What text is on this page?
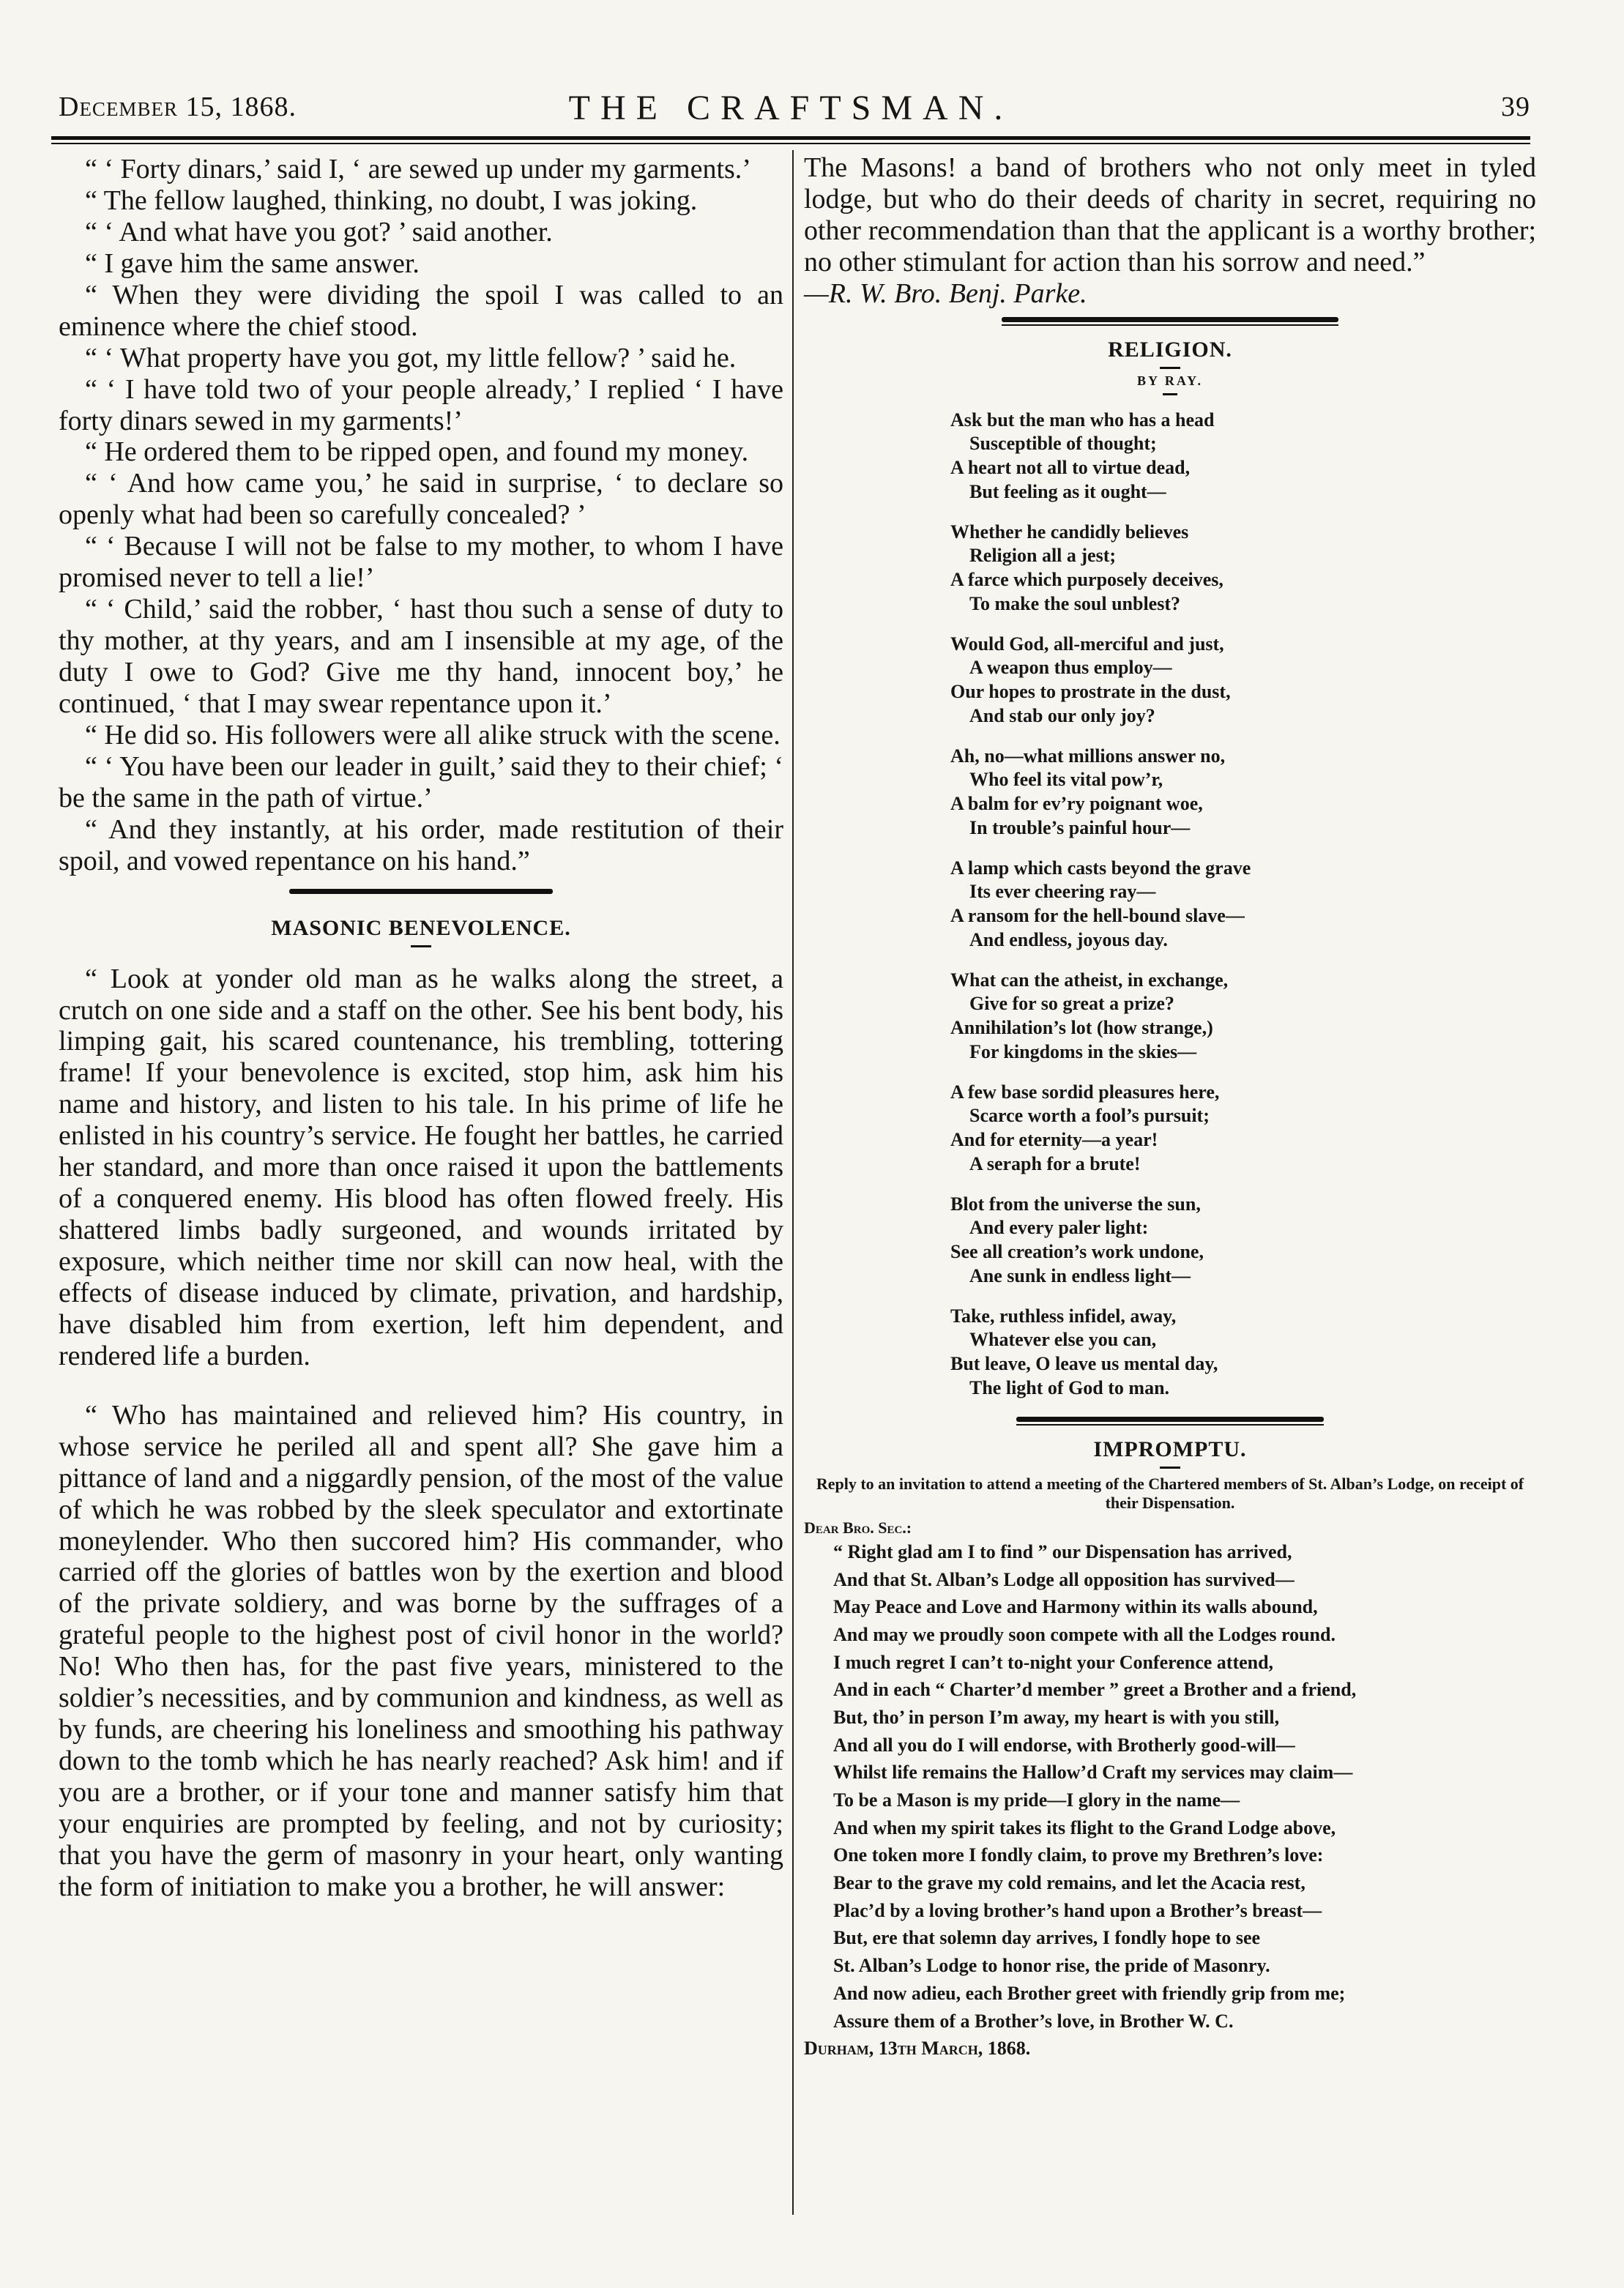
December 15, 1868.	THE CRAFTSMAN.	39

“ ‘ Forty dinars,’ said I, ‘ are sewed up under my garments.’

“ The fellow laughed, thinking, no doubt, I was joking.

“ ‘ And what have you got? ’ said another.

“ I gave him the same answer.

“ When they were dividing the spoil I was called to an eminence where the chief stood.

“ ‘ What property have you got, my little fellow? ’ said he.

“ ‘ I have told two of your people already,’ I replied ‘ I have forty dinars sewed in my garments!’

“ He ordered them to be ripped open, and found my money.

“ ‘ And how came you,’ he said in surprise, ‘ to declare so openly what had been so carefully concealed? ’

“ ‘ Because I will not be false to my mother, to whom I have promised never to tell a lie!’

“ ‘ Child,’ said the robber, ‘ hast thou such a sense of duty to thy mother, at thy years, and am I insensible at my age, of the duty I owe to God? Give me thy hand, innocent boy,’ he continued, ‘ that I may swear repentance upon it.’

“ He did so. His followers were all alike struck with the scene.

“ ‘ You have been our leader in guilt,’ said they to their chief; ‘ be the same in the path of virtue.’

“ And they instantly, at his order, made restitution of their spoil, and vowed repentance on his hand.”

MASONIC BENEVOLENCE.

“ Look at yonder old man as he walks along the street, a crutch on one side and a staff on the other. See his bent body, his limping gait, his scared countenance, his trembling, tottering frame! If your benevolence is excited, stop him, ask him his name and history, and listen to his tale. In his prime of life he enlisted in his country’s service. He fought her battles, he carried her standard, and more than once raised it upon the battlements of a conquered enemy. His blood has often flowed freely. His shattered limbs badly surgeoned, and wounds irritated by exposure, which neither time nor skill can now heal, with the effects of disease induced by climate, privation, and hardship, have disabled him from exertion, left him dependent, and rendered life a burden.

“ Who has maintained and relieved him? His country, in whose service he periled all and spent all? She gave him a pittance of land and a niggardly pension, of the most of the value of which he was robbed by the sleek speculator and extortinate moneylender. Who then succored him? His commander, who carried off the glories of battles won by the exertion and blood of the private soldiery, and was borne by the suffrages of a grateful people to the highest post of civil honor in the world? No! Who then has, for the past five years, ministered to the soldier’s necessities, and by communion and kindness, as well as by funds, are cheering his loneliness and smoothing his pathway down to the tomb which he has nearly reached? Ask him! and if you are a brother, or if your tone and manner satisfy him that your enquiries are prompted by feeling, and not by curiosity; that you have the germ of masonry in your heart, only wanting the form of initiation to make you a brother, he will answer:

The Masons! a band of brothers who not only meet in tyled lodge, but who do their deeds of charity in secret, requiring no other recommendation than that the applicant is a worthy brother; no other stimulant for action than his sorrow and need.”

—R. W. Bro. Benj. Parke.

RELIGION.
BY RAY.
Ask but the man who has a head
Susceptible of thought;
A heart not all to virtue dead,
But feeling as it ought—
Whether he candidly believes
Religion all a jest;
A farce which purposely deceives,
To make the soul unblest?
Would God, all-merciful and just,
A weapon thus employ—
Our hopes to prostrate in the dust,
And stab our only joy?
Ah, no—what millions answer no,
Who feel its vital pow’r,
A balm for ev’ry poignant woe,
In trouble’s painful hour—
A lamp which casts beyond the grave
Its ever cheering ray—
A ransom for the hell-bound slave—
And endless, joyous day.
What can the atheist, in exchange,
Give for so great a prize?
Annihilation’s lot (how strange,)
For kingdoms in the skies—
A few base sordid pleasures here,
Scarce worth a fool’s pursuit;
And for eternity—a year!
A seraph for a brute!
Blot from the universe the sun,
And every paler light:
See all creation’s work undone,
Ane sunk in endless light—
Take, ruthless infidel, away,
Whatever else you can,
But leave, O leave us mental day,
The light of God to man.
IMPROMPTU.
Reply to an invitation to attend a meeting of the Chartered members of St. Alban’s Lodge, on receipt of their Dispensation.
Dear Bro. Sec.:
“ Right glad am I to find ” our Dispensation has arrived,
And that St. Alban’s Lodge all opposition has survived—
May Peace and Love and Harmony within its walls abound,
And may we proudly soon compete with all the Lodges round.
I much regret I can’t to-night your Conference attend,
And in each “ Charter’d member ” greet a Brother and a friend,
But, tho’ in person I’m away, my heart is with you still,
And all you do I will endorse, with Brotherly good-will—
Whilst life remains the Hallow’d Craft my services may claim—
To be a Mason is my pride—I glory in the name—
And when my spirit takes its flight to the Grand Lodge above,
One token more I fondly claim, to prove my Brethren’s love:
Bear to the grave my cold remains, and let the Acacia rest,
Plac’d by a loving brother’s hand upon a Brother’s breast—
But, ere that solemn day arrives, I fondly hope to see
St. Alban’s Lodge to honor rise, the pride of Masonry.
And now adieu, each Brother greet with friendly grip from me;
Assure them of a Brother’s love, in Brother W. C.
Durham, 13th March, 1868.
